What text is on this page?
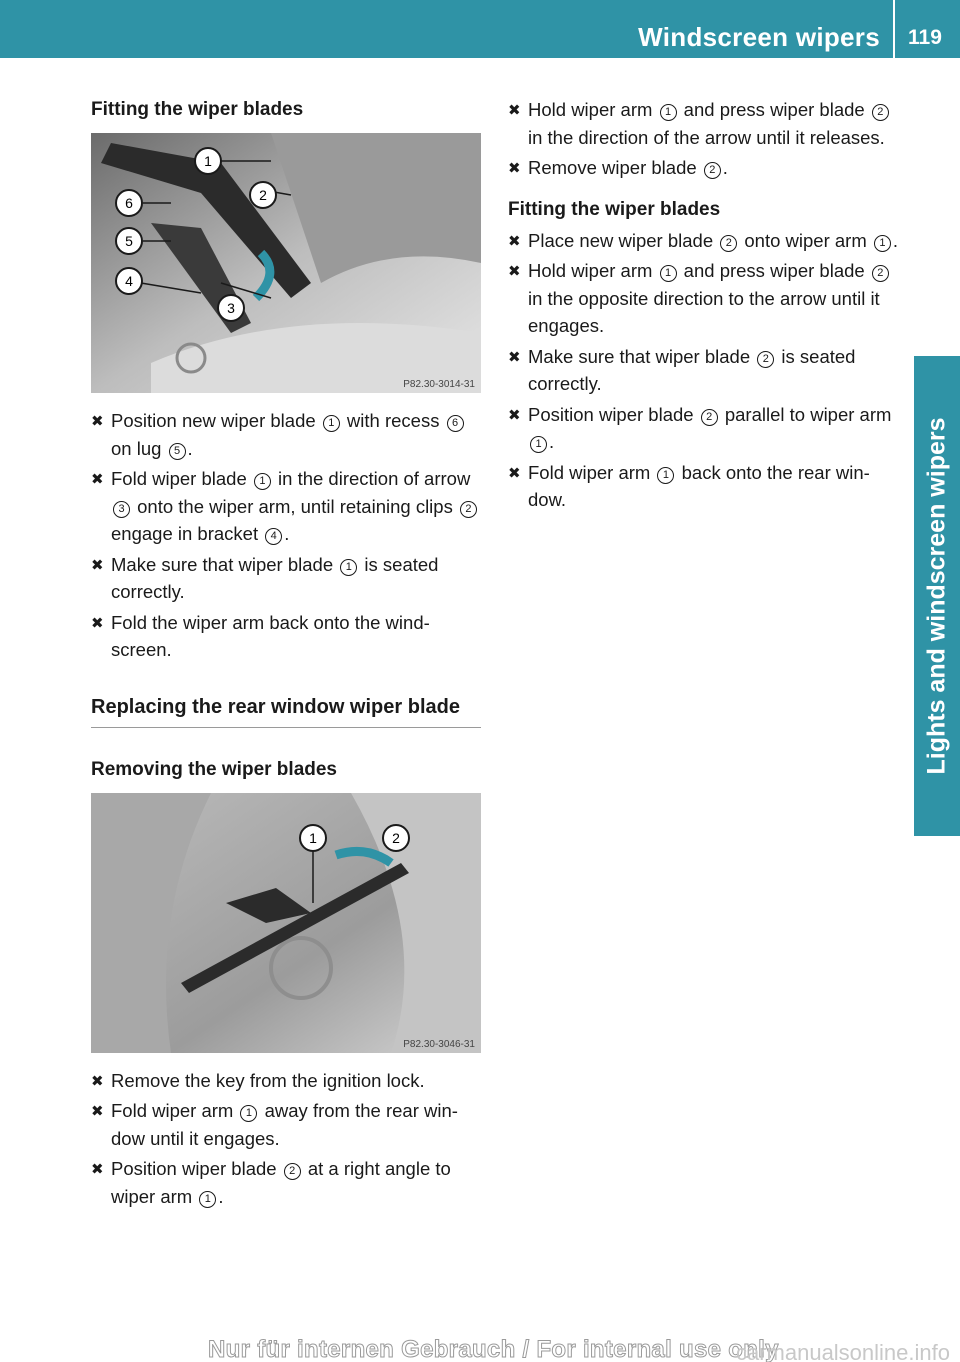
Windscreen wipers 119
Lights and windscreen wipers
Fitting the wiper blades
1
2
3
4
5
6
P82.30-3014-31
✖ Position new wiper blade 1 with recess 6 on lug 5 .
✖ Fold wiper blade 1 in the direction of arrow 3 onto the wiper arm, until retaining clips 2 engage in bracket 4 .
✖ Make sure that wiper blade 1 is seated correctly.
✖ Fold the wiper arm back onto the wind-screen.
Replacing the rear window wiper blade
Removing the wiper blades
1	2
P82.30-3046-31
✖ Remove the key from the ignition lock.
✖ Fold wiper arm 1 away from the rear win-dow until it engages.
✖ Position wiper blade 2 at a right angle to wiper arm 1 .
✖ Hold wiper arm 1 and press wiper blade 2 in the direction of the arrow until it releases.
✖ Remove wiper blade 2 .
Fitting the wiper blades
✖ Place new wiper blade 2 onto wiper arm 1 .
✖ Hold wiper arm 1 and press wiper blade 2 in the opposite direction to the arrow until it engages.
✖ Make sure that wiper blade 2 is seated correctly.
✖ Position wiper blade 2 parallel to wiper arm 1 .
✖ Fold wiper arm 1 back onto the rear win-dow.
Nur für internen Gebrauch / For internal use only
carmanualsonline.info
